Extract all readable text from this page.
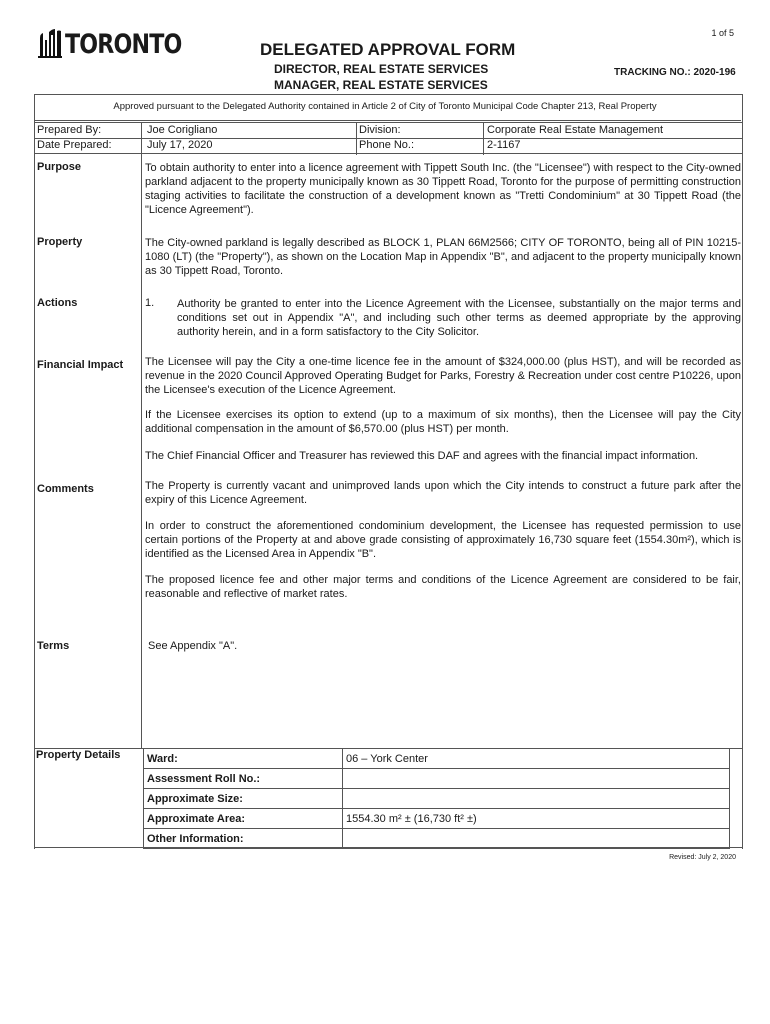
1 of 5
TORONTO	DELEGATED APPROVAL FORM
DIRECTOR, REAL ESTATE SERVICES
MANAGER, REAL ESTATE SERVICES
TRACKING NO.: 2020-196
Approved pursuant to the Delegated Authority contained in Article 2 of City of Toronto Municipal Code Chapter 213, Real Property
Prepared By:	Joe Corigliano	Division:	Corporate Real Estate Management
Date Prepared:	July 17, 2020	Phone No.:	2-1167
Purpose	To obtain authority to enter into a licence agreement with Tippett South Inc. (the "Licensee") with respect to the City-owned parkland adjacent to the property municipally known as 30 Tippett Road, Toronto for the purpose of permitting construction staging activities to facilitate the construction of a development known as "Tretti Condominium" at 30 Tippett Road (the "Licence Agreement").
Property	The City-owned parkland is legally described as BLOCK 1, PLAN 66M2566; CITY OF TORONTO, being all of PIN 10215-1080 (LT) (the "Property"), as shown on the Location Map in Appendix "B", and adjacent to the property municipally known as 30 Tippett Road, Toronto.
Actions	1. Authority be granted to enter into the Licence Agreement with the Licensee, substantially on the major terms and conditions set out in Appendix "A", and including such other terms as deemed appropriate by the approving authority herein, and in a form satisfactory to the City Solicitor.
Financial Impact The Licensee will pay the City a one-time licence fee in the amount of $324,000.00 (plus HST), and will be recorded as revenue in the 2020 Council Approved Operating Budget for Parks, Forestry & Recreation under cost centre P10226, upon the Licensee's execution of the Licence Agreement.
If the Licensee exercises its option to extend (up to a maximum of six months), then the Licensee will pay the City additional compensation in the amount of $6,570.00 (plus HST) per month.
The Chief Financial Officer and Treasurer has reviewed this DAF and agrees with the financial impact information.
Comments	The Property is currently vacant and unimproved lands upon which the City intends to construct a future park after the expiry of this Licence Agreement.
In order to construct the aforementioned condominium development, the Licensee has requested permission to use certain portions of the Property at and above grade consisting of approximately 16,730 square feet (1554.30m²), which is identified as the Licensed Area in Appendix "B".
The proposed licence fee and other major terms and conditions of the Licence Agreement are considered to be fair, reasonable and reflective of market rates.
Terms	See Appendix "A".
Property Details Ward:	06 – York Center
Assessment Roll No.:	
Approximate Size:	
Approximate Area:	1554.30 m² ± (16,730 ft² ±)
Other Information:	
Revised: July 2, 2020
